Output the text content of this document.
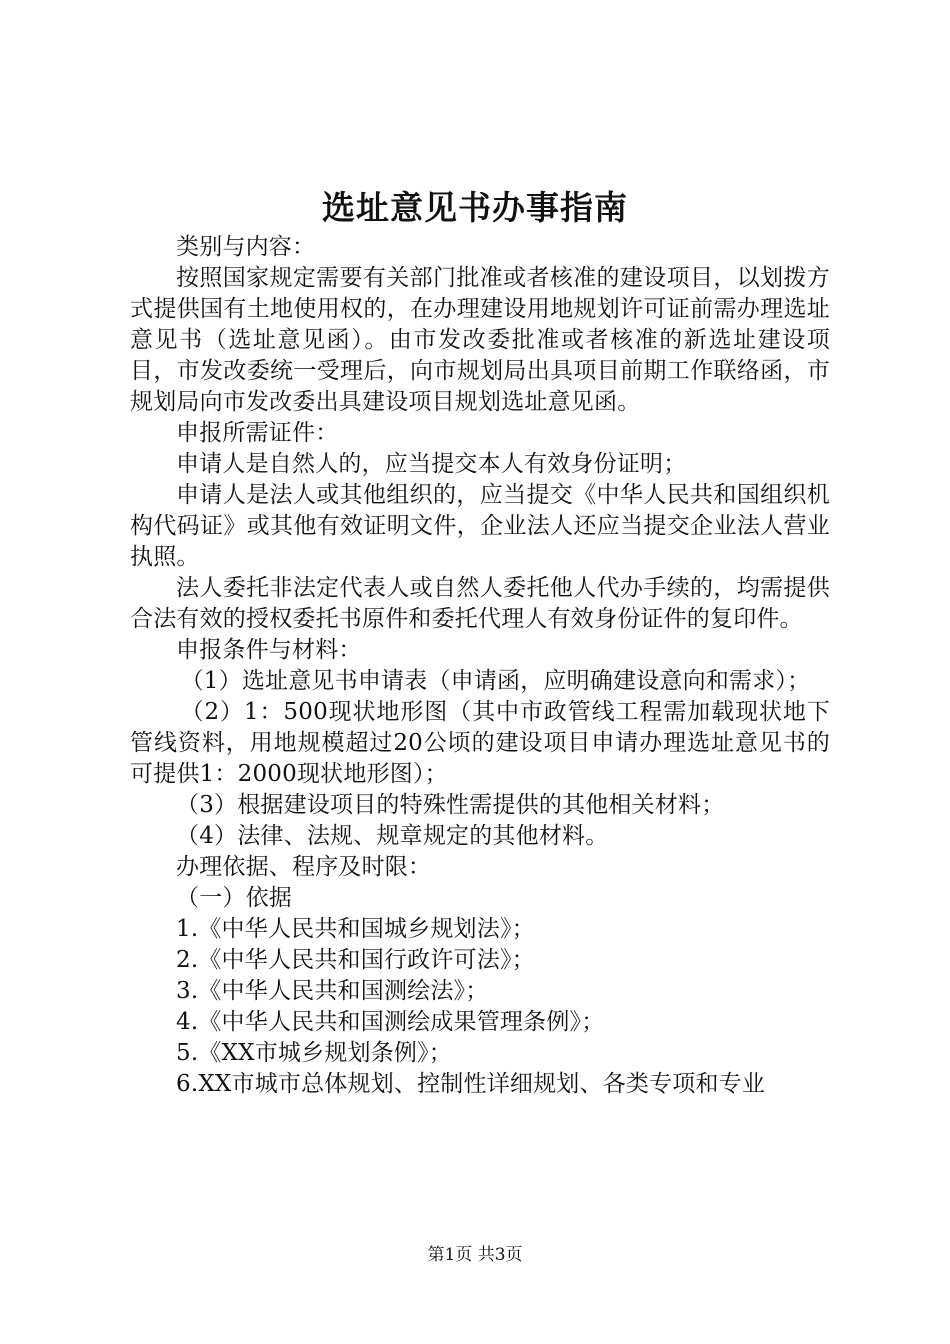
选址意见书办事指南

类别与内容：

按照国家规定需要有关部门批准或者核准的建设项目，以划拨方式提供国有土地使用权的，在办理建设用地规划许可证前需办理选址意见书（选址意见函）。由市发改委批准或者核准的新选址建设项目，市发改委统一受理后，向市规划局出具项目前期工作联络函，市规划局向市发改委出具建设项目规划选址意见函。

申报所需证件：

申请人是自然人的，应当提交本人有效身份证明；

申请人是法人或其他组织的，应当提交《中华人民共和国组织机构代码证》或其他有效证明文件，企业法人还应当提交企业法人营业执照。

法人委托非法定代表人或自然人委托他人代办手续的，均需提供合法有效的授权委托书原件和委托代理人有效身份证件的复印件。

申报条件与材料：

（1）选址意见书申请表（申请函，应明确建设意向和需求）；

（2）1：500现状地形图（其中市政管线工程需加载现状地下管线资料，用地规模超过20公顷的建设项目申请办理选址意见书的可提供1：2000现状地形图）；

（3）根据建设项目的特殊性需提供的其他相关材料；

（4）法律、法规、规章规定的其他材料。

办理依据、程序及时限：

（一）依据

1.《中华人民共和国城乡规划法》；

2.《中华人民共和国行政许可法》；

3.《中华人民共和国测绘法》；

4.《中华人民共和国测绘成果管理条例》；

5.《XX市城乡规划条例》；

6.XX市城市总体规划、控制性详细规划、各类专项和专业

第1页 共3页
